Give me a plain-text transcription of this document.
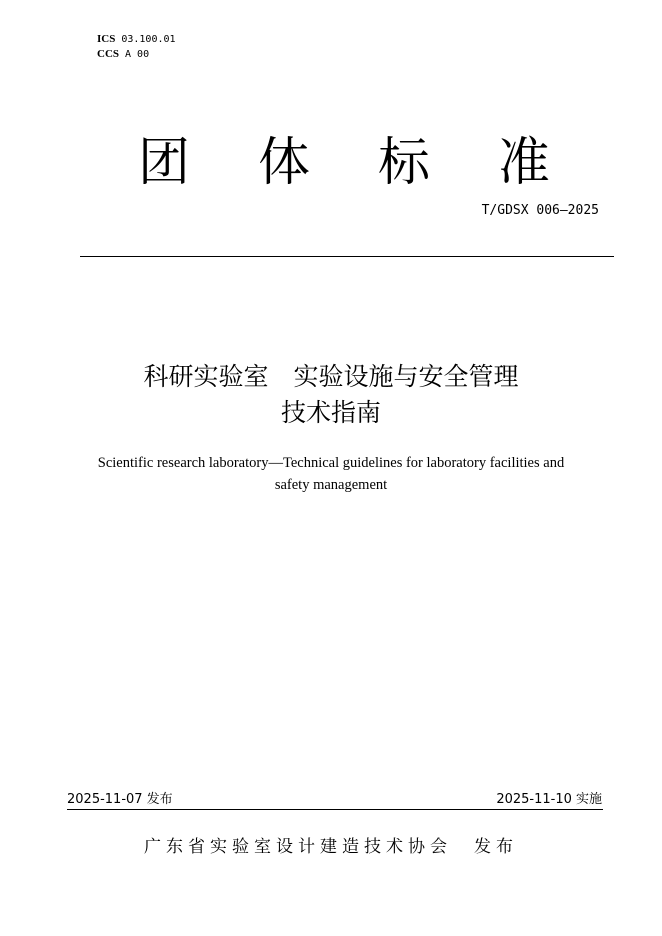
ICS 03.100.01
CCS A 00
团 体 标 准
T/GDSX 006—2025
科研实验室　实验设施与安全管理
技术指南
Scientific research laboratory—Technical guidelines for laboratory facilities and
safety management
2025-11-07 发布	2025-11-10 实施
广东省实验室设计建造技术协会　发布
